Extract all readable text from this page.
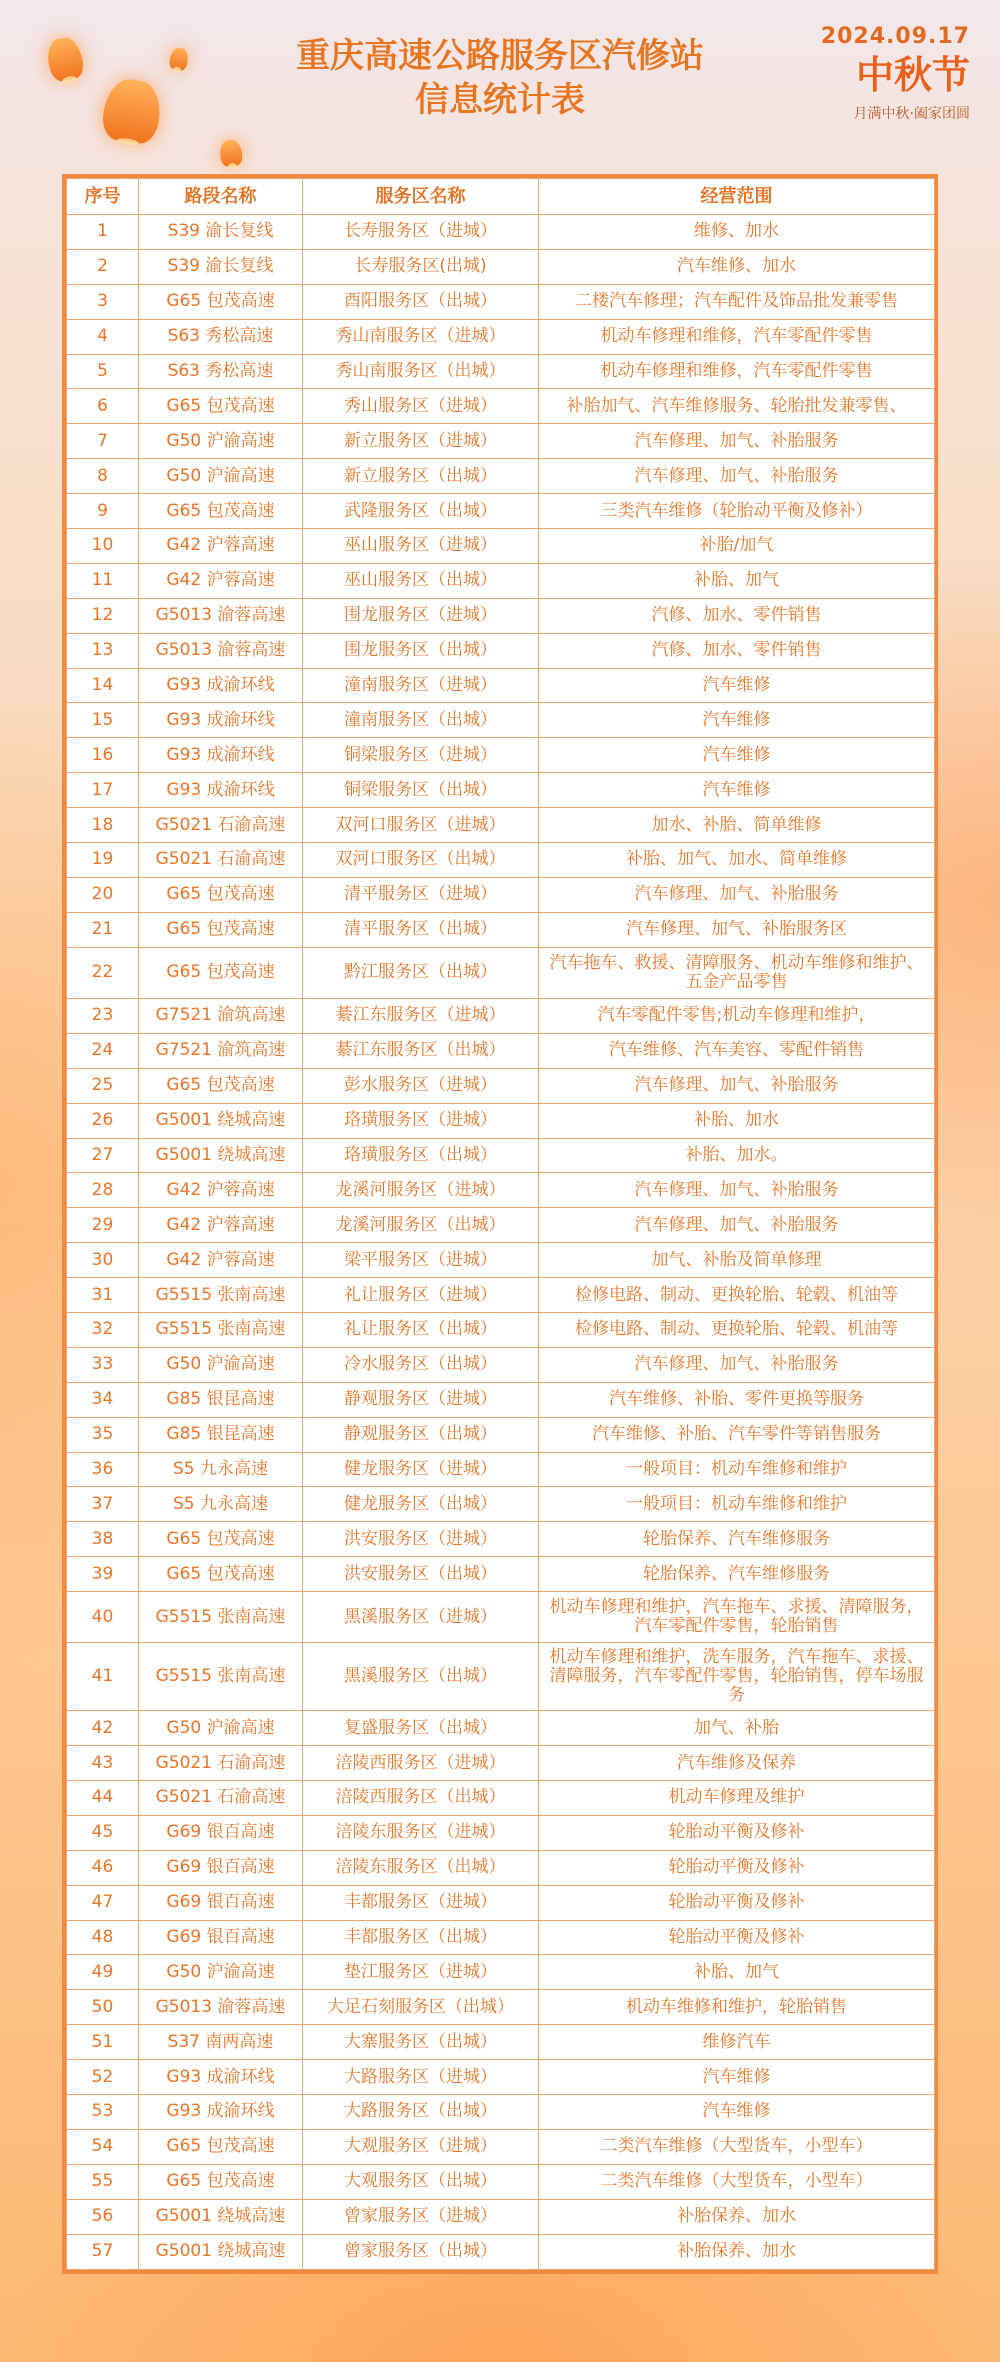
重庆高速公路服务区汽修站
信息统计表
2024.09.17
中秋节
月满中秋·阖家团圆
序号	路段名称	服务区名称	经营范围
1	S39 渝长复线	长寿服务区（进城）	维修、加水
2	S39 渝长复线	长寿服务区(出城)	汽车维修、加水
3	G65 包茂高速	酉阳服务区（出城）	二楼汽车修理；汽车配件及饰品批发兼零售
4	S63 秀松高速	秀山南服务区（进城）	机动车修理和维修，汽车零配件零售
5	S63 秀松高速	秀山南服务区（出城）	机动车修理和维修，汽车零配件零售
6	G65 包茂高速	秀山服务区（进城）	补胎加气、汽车维修服务、轮胎批发兼零售、
7	G50 沪渝高速	新立服务区（进城）	汽车修理、加气、补胎服务
8	G50 沪渝高速	新立服务区（出城）	汽车修理、加气、补胎服务
9	G65 包茂高速	武隆服务区（出城）	三类汽车维修（轮胎动平衡及修补）
10	G42 沪蓉高速	巫山服务区（进城）	补胎/加气
11	G42 沪蓉高速	巫山服务区（出城）	补胎、加气
12	G5013 渝蓉高速	围龙服务区（进城）	汽修、加水、零件销售
13	G5013 渝蓉高速	围龙服务区（出城）	汽修、加水、零件销售
14	G93 成渝环线	潼南服务区（进城）	汽车维修
15	G93 成渝环线	潼南服务区（出城）	汽车维修
16	G93 成渝环线	铜梁服务区（进城）	汽车维修
17	G93 成渝环线	铜梁服务区（出城）	汽车维修
18	G5021 石渝高速	双河口服务区（进城）	加水、补胎、简单维修
19	G5021 石渝高速	双河口服务区（出城）	补胎、加气、加水、简单维修
20	G65 包茂高速	清平服务区（进城）	汽车修理、加气、补胎服务
21	G65 包茂高速	清平服务区（出城）	汽车修理、加气、补胎服务区
22	G65 包茂高速	黔江服务区（出城）	汽车拖车、救援、清障服务、机动车维修和维护、五金产品零售
23	G7521 渝筑高速	綦江东服务区（进城）	汽车零配件零售;机动车修理和维护，
24	G7521 渝筑高速	綦江东服务区（出城）	汽车维修、汽车美容、零配件销售
25	G65 包茂高速	彭水服务区（进城）	汽车修理、加气、补胎服务
26	G5001 绕城高速	珞璜服务区（进城）	补胎、加水
27	G5001 绕城高速	珞璜服务区（出城）	补胎、加水。
28	G42 沪蓉高速	龙溪河服务区（进城）	汽车修理、加气、补胎服务
29	G42 沪蓉高速	龙溪河服务区（出城）	汽车修理、加气、补胎服务
30	G42 沪蓉高速	梁平服务区（进城）	加气、补胎及简单修理
31	G5515 张南高速	礼让服务区（进城）	检修电路、制动、更换轮胎、轮毂、机油等
32	G5515 张南高速	礼让服务区（出城）	检修电路、制动、更换轮胎、轮毂、机油等
33	G50 沪渝高速	冷水服务区（出城）	汽车修理、加气、补胎服务
34	G85 银昆高速	静观服务区（进城）	汽车维修、补胎、零件更换等服务
35	G85 银昆高速	静观服务区（出城）	汽车维修、补胎、汽车零件等销售服务
36	S5 九永高速	健龙服务区（进城）	一般项目：机动车维修和维护
37	S5 九永高速	健龙服务区（出城）	一般项目：机动车维修和维护
38	G65 包茂高速	洪安服务区（进城）	轮胎保养、汽车维修服务
39	G65 包茂高速	洪安服务区（出城）	轮胎保养、汽车维修服务
40	G5515 张南高速	黑溪服务区（进城）	机动车修理和维护，汽车拖车、求援、清障服务，汽车零配件零售，轮胎销售
41	G5515 张南高速	黑溪服务区（出城）	机动车修理和维护，洗车服务，汽车拖车、求援、清障服务，汽车零配件零售，轮胎销售，停车场服务
42	G50 沪渝高速	复盛服务区（出城）	加气、补胎
43	G5021 石渝高速	涪陵西服务区（进城）	汽车维修及保养
44	G5021 石渝高速	涪陵西服务区（出城）	机动车修理及维护
45	G69 银百高速	涪陵东服务区（进城）	轮胎动平衡及修补
46	G69 银百高速	涪陵东服务区（出城）	轮胎动平衡及修补
47	G69 银百高速	丰都服务区（进城）	轮胎动平衡及修补
48	G69 银百高速	丰都服务区（出城）	轮胎动平衡及修补
49	G50 沪渝高速	垫江服务区（进城）	补胎、加气
50	G5013 渝蓉高速	大足石刻服务区（出城）	机动车维修和维护，轮胎销售
51	S37 南两高速	大寨服务区（出城）	维修汽车
52	G93 成渝环线	大路服务区（进城）	汽车维修
53	G93 成渝环线	大路服务区（出城）	汽车维修
54	G65 包茂高速	大观服务区（进城）	二类汽车维修（大型货车，小型车）
55	G65 包茂高速	大观服务区（出城）	二类汽车维修（大型货车，小型车）
56	G5001 绕城高速	曾家服务区（进城）	补胎保养、加水
57	G5001 绕城高速	曾家服务区（出城）	补胎保养、加水
